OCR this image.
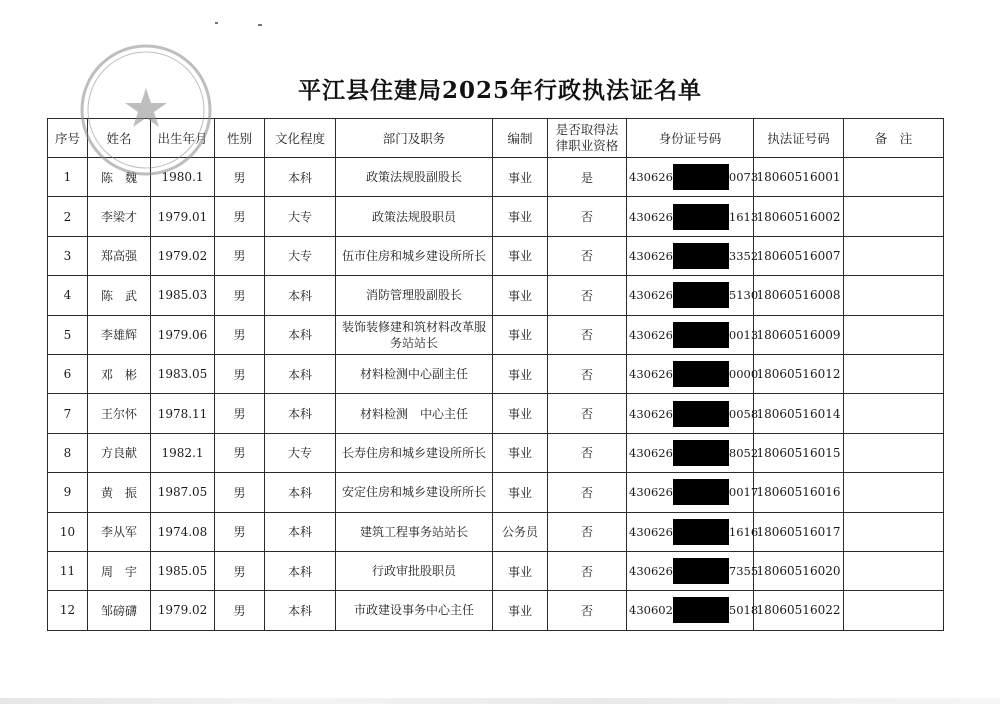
平江县住建局2025年行政执法证名单
序号	姓名	出生年月	性别	文化程度	部门及职务	编制	是否取得法律职业资格	身份证号码	执法证号码	备　注
1	陈　魏	1980.1	男	本科	政策法规股副股长	事业	是	430626 0073	18060516001	
2	李梁才	1979.01	男	大专	政策法规股职员	事业	否	430626 1613	18060516002	
3	郑高强	1979.02	男	大专	伍市住房和城乡建设所所长	事业	否	430626 3352	18060516007	
4	陈　武	1985.03	男	本科	消防管理股副股长	事业	否	430626 5130	18060516008	
5	李雄辉	1979.06	男	本科	装饰装修建和筑材料改革服务站站长	事业	否	430626 0013	18060516009	
6	邓　彬	1983.05	男	本科	材料检测中心副主任	事业	否	430626 0000	18060516012	
7	王尔怀	1978.11	男	本科	材料检测　中心主任	事业	否	430626 0058	18060516014	
8	方良献	1982.1	男	大专	长寿住房和城乡建设所所长	事业	否	430626 8052	18060516015	
9	黄　振	1987.05	男	本科	安定住房和城乡建设所所长	事业	否	430626 0017	18060516016	
10	李从军	1974.08	男	本科	建筑工程事务站站长	公务员	否	430626 1616	18060516017	
11	周　宇	1985.05	男	本科	行政审批股职员	事业	否	430626 7355	18060516020	
12	邹磅礴	1979.02	男	本科	市政建设事务中心主任	事业	否	430602 5018	18060516022	
